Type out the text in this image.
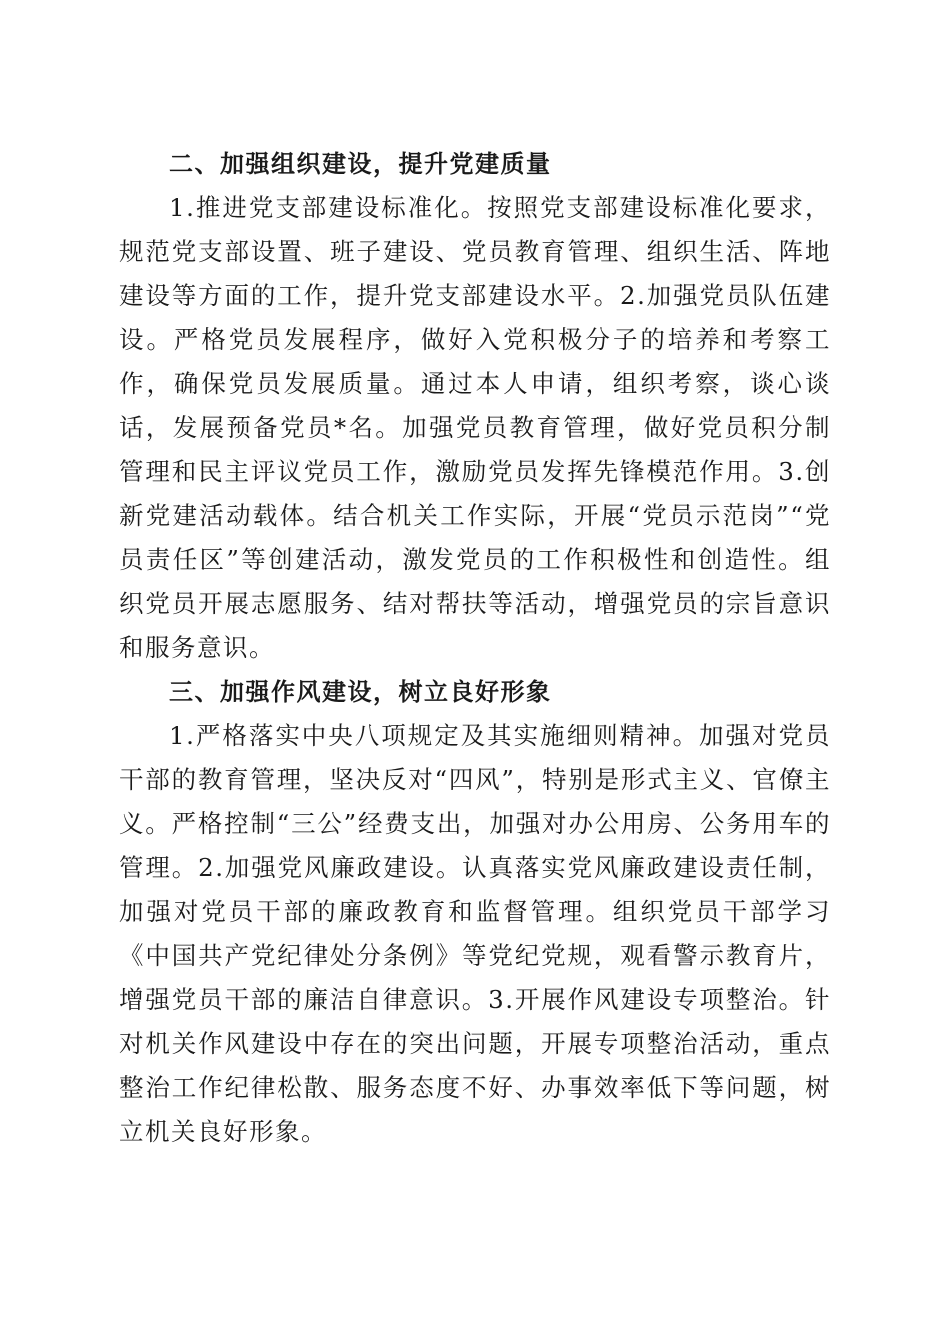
二、加强组织建设，提升党建质量

1.推进党支部建设标准化。按照党支部建设标准化要求，规范党支部设置、班子建设、党员教育管理、组织生活、阵地建设等方面的工作，提升党支部建设水平。2.加强党员队伍建设。严格党员发展程序，做好入党积极分子的培养和考察工作，确保党员发展质量。通过本人申请，组织考察，谈心谈话，发展预备党员*名。加强党员教育管理，做好党员积分制管理和民主评议党员工作，激励党员发挥先锋模范作用。3.创新党建活动载体。结合机关工作实际，开展“党员示范岗”“党员责任区”等创建活动，激发党员的工作积极性和创造性。组织党员开展志愿服务、结对帮扶等活动，增强党员的宗旨意识和服务意识。

三、加强作风建设，树立良好形象

1.严格落实中央八项规定及其实施细则精神。加强对党员干部的教育管理，坚决反对“四风”，特别是形式主义、官僚主义。严格控制“三公”经费支出，加强对办公用房、公务用车的管理。2.加强党风廉政建设。认真落实党风廉政建设责任制，加强对党员干部的廉政教育和监督管理。组织党员干部学习《中国共产党纪律处分条例》等党纪党规，观看警示教育片，增强党员干部的廉洁自律意识。3.开展作风建设专项整治。针对机关作风建设中存在的突出问题，开展专项整治活动，重点整治工作纪律松散、服务态度不好、办事效率低下等问题，树立机关良好形象。
